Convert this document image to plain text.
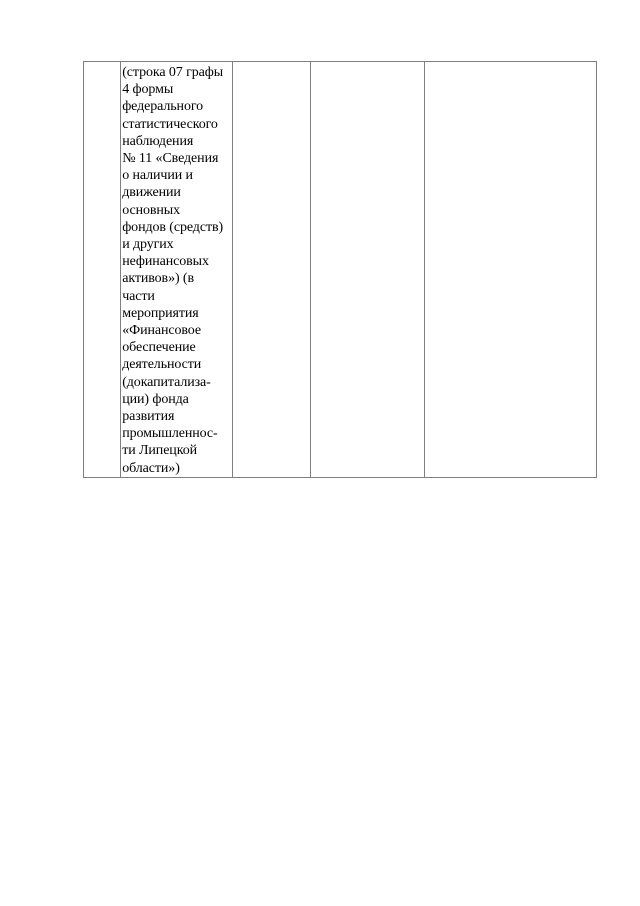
(строка 07 графы
4 формы
федерального
статистического
наблюдения
№ 11 «Сведения
о наличии и
движении
основных
фондов (средств)
и других
нефинансовых
активов») (в
части
мероприятия
«Финансовое
обеспечение
деятельности
(докапитализа-
ции) фонда
развития
промышленнос-
ти Липецкой
области»)
